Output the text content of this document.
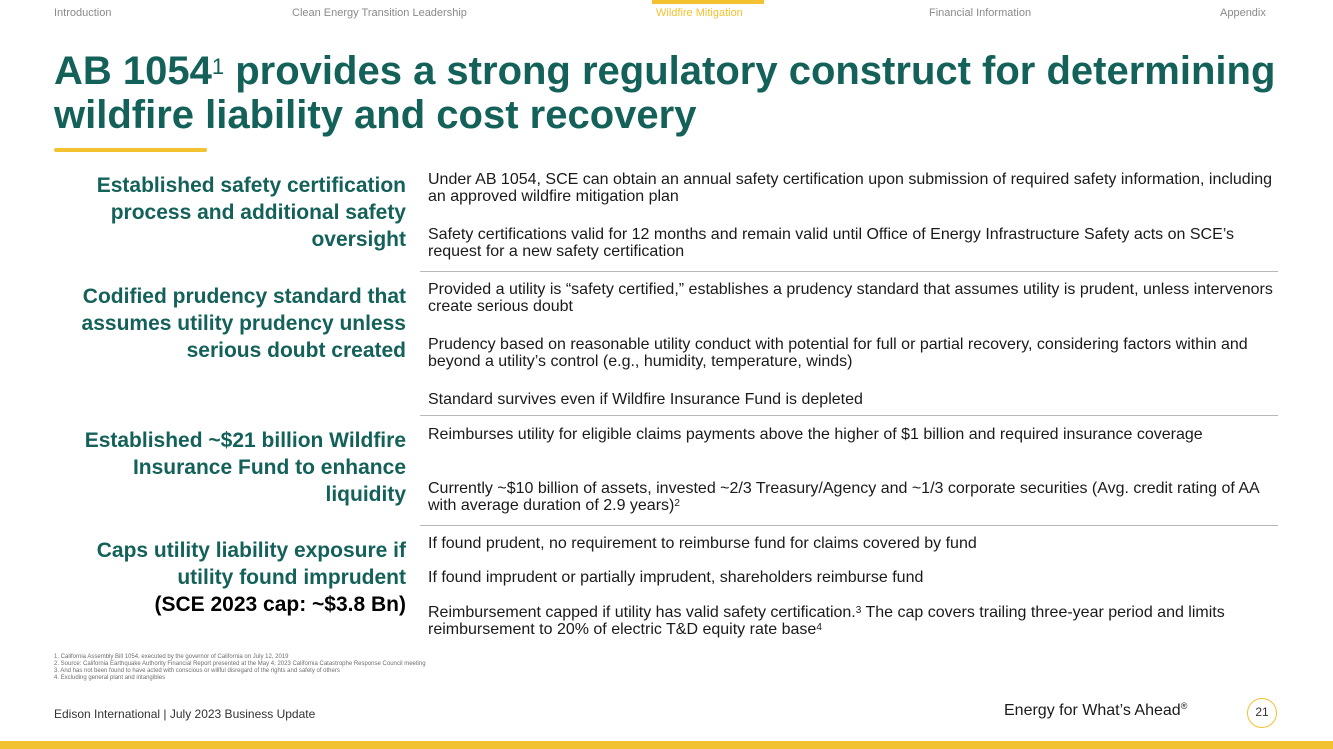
Introduction	Clean Energy Transition Leadership	Wildfire Mitigation	Financial Information	Appendix
AB 1054$^1$ provides a strong regulatory construct for determining wildfire liability and cost recovery
Established safety certification process and additional safety oversight
Under AB 1054, SCE can obtain an annual safety certification upon submission of required safety information, including an approved wildfire mitigation plan
Safety certifications valid for 12 months and remain valid until Office of Energy Infrastructure Safety acts on SCE’s request for a new safety certification
Codified prudency standard that assumes utility prudency unless serious doubt created
Provided a utility is “safety certified,” establishes a prudency standard that assumes utility is prudent, unless intervenors create serious doubt
Prudency based on reasonable utility conduct with potential for full or partial recovery, considering factors within and beyond a utility’s control (e.g., humidity, temperature, winds)
Standard survives even if Wildfire Insurance Fund is depleted
Established ~$21 billion Wildfire Insurance Fund to enhance liquidity
Reimburses utility for eligible claims payments above the higher of $1 billion and required insurance coverage
Currently ~$10 billion of assets, invested ~2/3 Treasury/Agency and ~1/3 corporate securities (Avg. credit rating of AA with average duration of 2.9 years)$^2$
Caps utility liability exposure if utility found imprudent
(SCE 2023 cap: ~$3.8 Bn)
If found prudent, no requirement to reimburse fund for claims covered by fund
If found imprudent or partially imprudent, shareholders reimburse fund
Reimbursement capped if utility has valid safety certification.$^3$ The cap covers trailing three-year period and limits reimbursement to 20% of electric T&D equity rate base$^4$
1. California Assembly Bill 1054, executed by the governor of California on July 12, 2019
2. Source: California Earthquake Authority Financial Report presented at the May 4, 2023 California Catastrophe Response Council meeting
3. And has not been found to have acted with conscious or willful disregard of the rights and safety of others
4. Excluding general plant and intangibles
Edison International | July 2023 Business Update	Energy for What’s Ahead®	21
